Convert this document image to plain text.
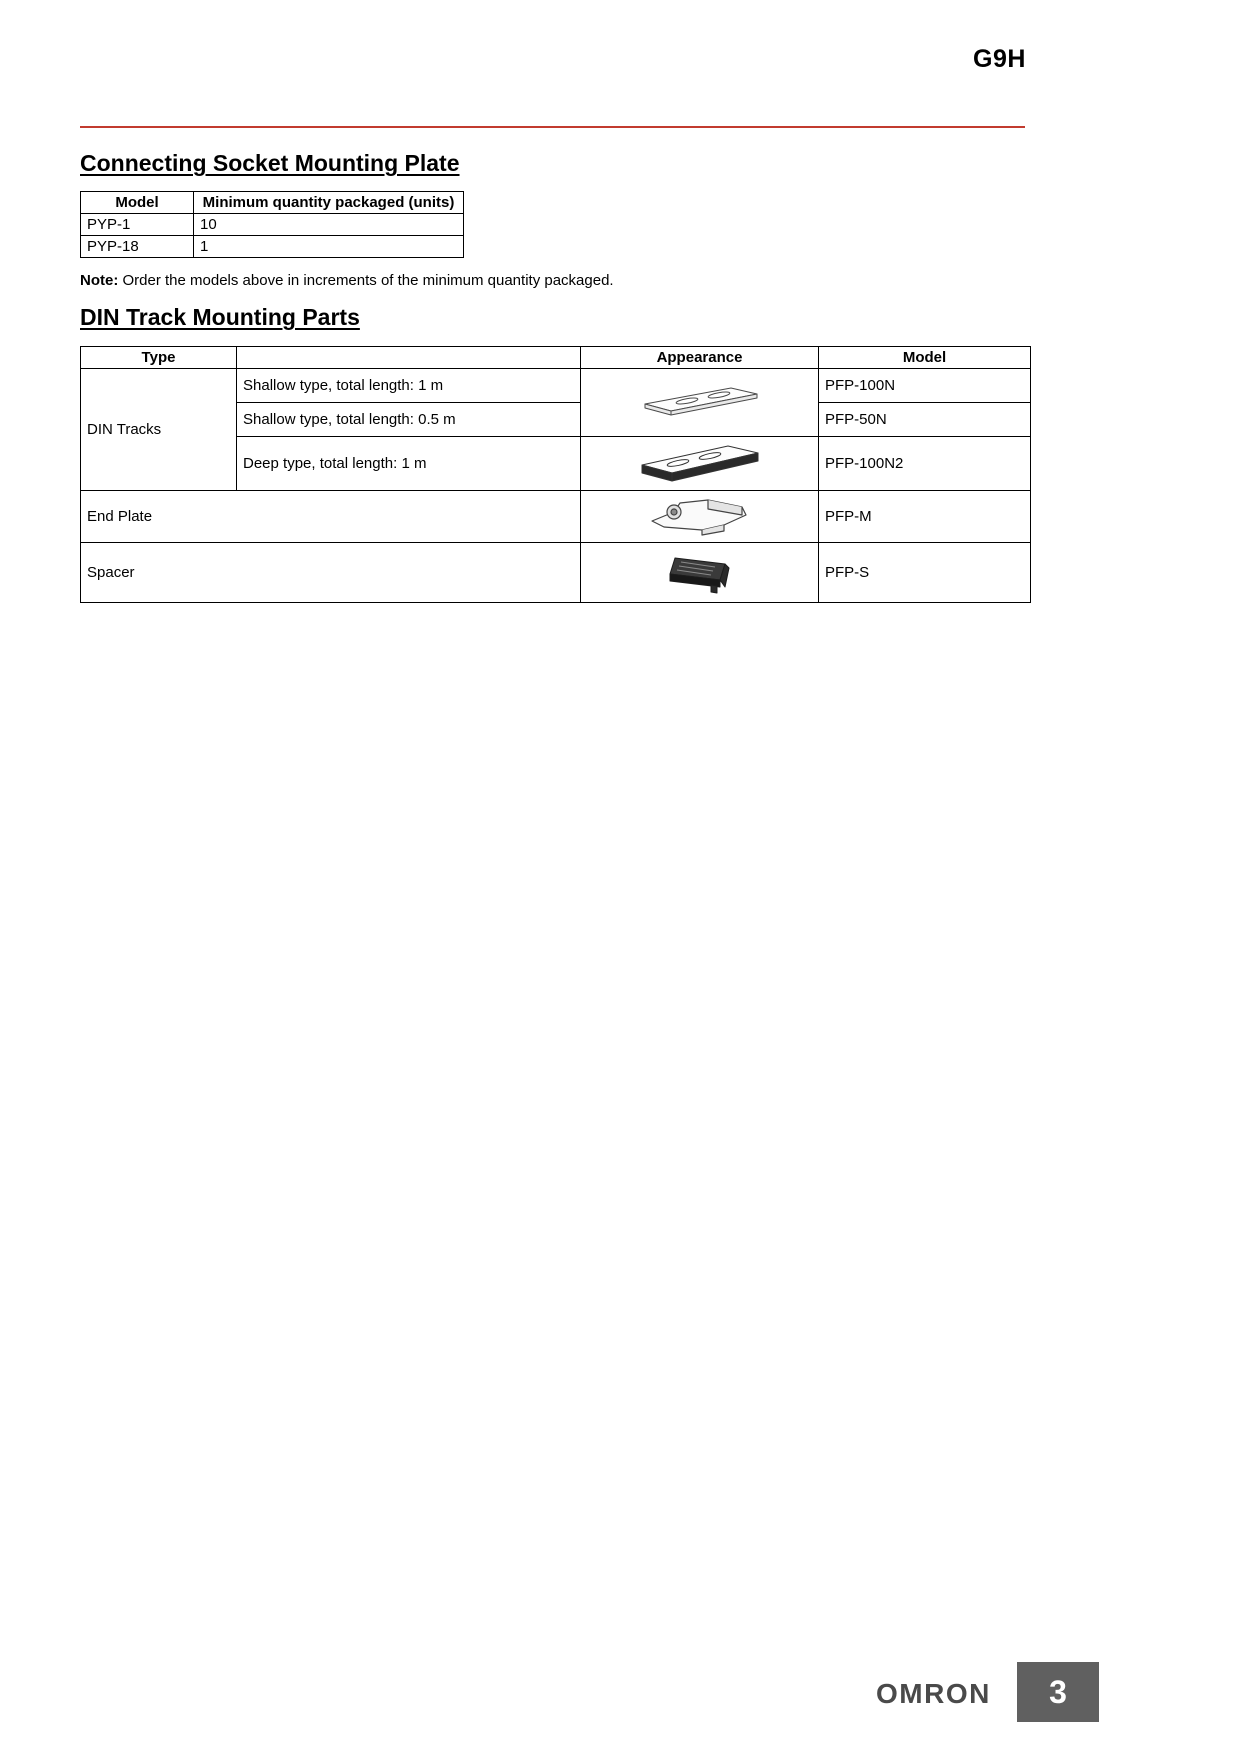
G9H
Connecting Socket Mounting Plate
Model	Minimum quantity packaged (units)
PYP-1	10
PYP-18	1

Note: Order the models above in increments of the minimum quantity packaged.

DIN Track Mounting Parts
Type		Appearance	Model
DIN Tracks	Shallow type, total length: 1 m		PFP-100N
	Shallow type, total length: 0.5 m		PFP-50N
	Deep type, total length: 1 m		PFP-100N2
End Plate			PFP-M
Spacer			PFP-S
OMRON 3
